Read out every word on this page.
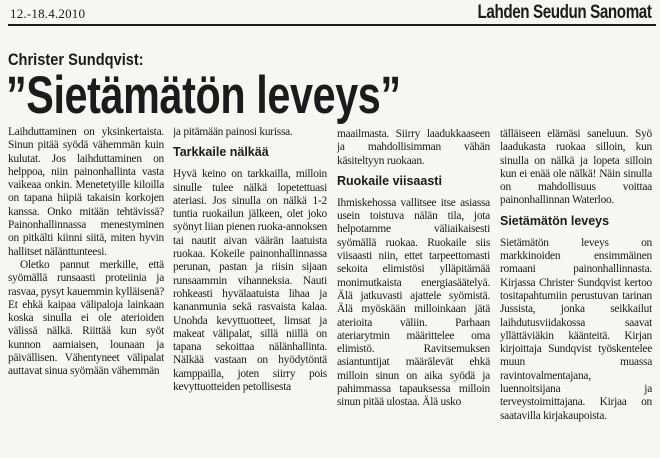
12.-18.4.2010	Lahden Seudun Sanomat
Christer Sundqvist:
”Sietämätön leveys”

Laihduttaminen on yksinkertaista. Sinun pitää syödä vähemmän kuin kulutat. Jos laihduttaminen on helppoa, niin painonhallinta vasta vaikeaa onkin. Menetetyille kiloilla on tapana hiipiä takaisin korkojen kanssa. Onko mitään tehtävissä? Painonhallinnassa menestyminen on pitkälti kiinni siitä, miten hyvin hallitset nälänttunteesi.

Oletko pannut merkille, että syömällä runsaasti proteiinia ja rasvaa, pysyt kauemmin kylläisenä? Et ehkä kaipaa välipaloja lainkaan koska sinulla ei ole aterioiden välissä nälkä. Riittää kun syöt kunnon aamiaisen, lounaan ja päivällisen. Vähentyneet välipalat auttavat sinua syömään vähemmän

ja pitämään painosi kurissa.

Tarkkaile nälkää

Hyvä keino on tarkkailla, milloin sinulle tulee nälkä lopetettuasi ateriasi. Jos sinulla on nälkä 1-2 tuntia ruokailun jälkeen, olet joko syönyt liian pienen ruoka-annoksen tai nautit aivan väärän laatuista ruokaa. Kokeile painonhallinnassa perunan, pastan ja riisin sijaan runsaammin vihanneksia. Nauti rohkeasti hyvälaatuista lihaa ja kananmunia sekä rasvaista kalaa. Unohda kevyttuotteet, limsat ja makeat välipalat, sillä niillä on tapana sekoittaa nälänhallinta. Nälkää vastaan on hyödytöntä kamppailla, joten siirry pois kevyttuotteiden petollisesta

maailmasta. Siirry laadukkaaseen ja mahdollisimman vähän käsiteltyyn ruokaan.

Ruokaile viisaasti

Ihmiskehossa vallitsee itse asiassa usein toistuva nälän tila, jota helpotamme väliaikaisesti syömällä ruokaa. Ruokaile siis viisaasti niin, ettet tarpeettomasti sekoita elimistösi ylläpitämää monimutkaista energiasäätelyä. Älä jatkuvasti ajattele syömistä. Älä myöskään milloinkaan jätä aterioita väliin. Parhaan ateriarytmin määrittelee oma elimistö. Ravitsemuksen asiantuntijat määrälevät ehkä milloin sinun on aika syödä ja pahimmassa tapauksessa milloin sinun pitää ulostaa. Älä usko

tälläiseen elämäsi saneluun. Syö laadukasta ruokaa silloin, kun sinulla on nälkä ja lopeta silloin kun ei enää ole nälkä! Näin sinulla on mahdollisuus voittaa painonhallinnan Waterloo.

Sietämätön leveys

Sietämätön leveys on markkinoiden ensimmäinen romaani painonhallinnasta. Kirjassa Christer Sundqvist kertoo tositapahtumiin perustuvan tarinan Jussista, jonka seikkailut laihdutusviidakossa saavat yllättäviäkin käänteitä. Kirjan kirjoittaja Sundqvist työskentelee muun muassa ravintovalmentajana, luennoitsijana ja terveystoimittajana. Kirjaa on saatavilla kirjakaupoista.
